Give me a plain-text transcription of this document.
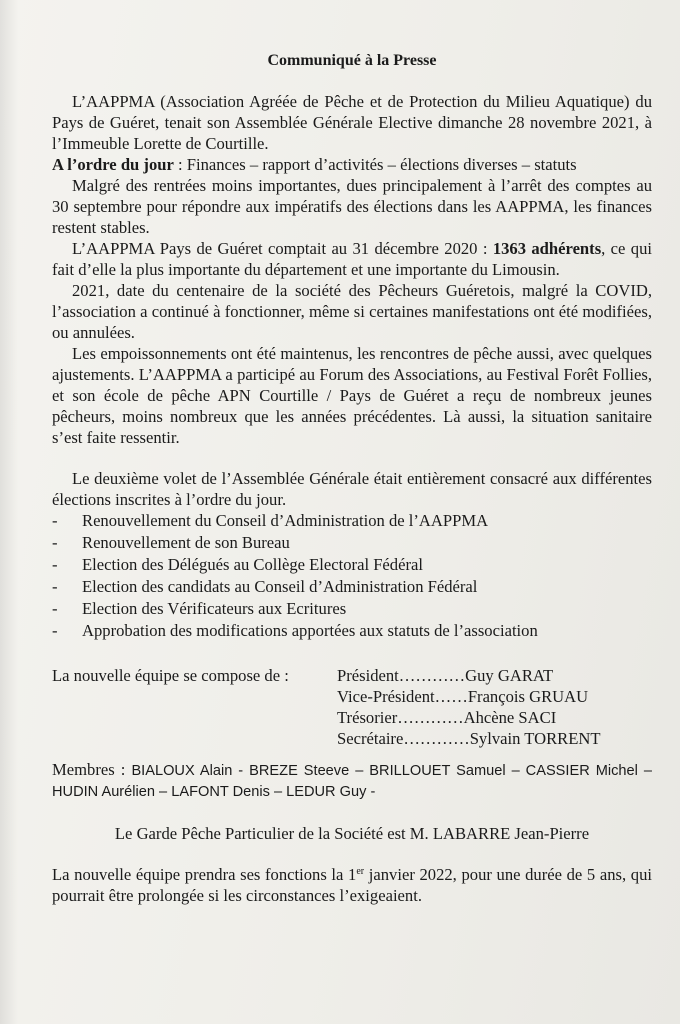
Communiqué à la Presse

L’AAPPMA (Association Agréée de Pêche et de Protection du Milieu Aquatique) du Pays de Guéret, tenait son Assemblée Générale Elective dimanche 28 novembre 2021, à l’Immeuble Lorette de Courtille.

A l’ordre du jour : Finances – rapport d’activités – élections diverses – statuts

Malgré des rentrées moins importantes, dues principalement à l’arrêt des comptes au 30 septembre pour répondre aux impératifs des élections dans les AAPPMA, les finances restent stables.

L’AAPPMA Pays de Guéret comptait au 31 décembre 2020 : 1363 adhérents, ce qui fait d’elle la plus importante du département et une importante du Limousin.

2021, date du centenaire de la société des Pêcheurs Guéretois, malgré la COVID, l’association a continué à fonctionner, même si certaines manifestations ont été modifiées, ou annulées.

Les empoissonnements ont été maintenus, les rencontres de pêche aussi, avec quelques ajustements. L’AAPPMA a participé au Forum des Associations, au Festival Forêt Follies, et son école de pêche APN Courtille / Pays de Guéret a reçu de nombreux jeunes pêcheurs, moins nombreux que les années précédentes. Là aussi, la situation sanitaire s’est faite ressentir.

Le deuxième volet de l’Assemblée Générale était entièrement consacré aux différentes élections inscrites à l’ordre du jour.

- Renouvellement du Conseil d’Administration de l’AAPPMA
- Renouvellement de son Bureau
- Election des Délégués au Collège Electoral Fédéral
- Election des candidats au Conseil d’Administration Fédéral
- Election des Vérificateurs aux Ecritures
- Approbation des modifications apportées aux statuts de l’association
La nouvelle équipe se compose de :	Président ………… Guy GARAT
Vice-Président …… François GRUAU
Trésorier ………… Ahcène SACI
Secrétaire ………… Sylvain TORRENT

Membres : BIALOUX Alain - BREZE Steeve – BRILLOUET Samuel – CASSIER Michel – HUDIN Aurélien – LAFONT Denis – LEDUR Guy -

Le Garde Pêche Particulier de la Société est M. LABARRE Jean-Pierre

La nouvelle équipe prendra ses fonctions la 1er janvier 2022, pour une durée de 5 ans, qui pourrait être prolongée si les circonstances l’exigeaient.
